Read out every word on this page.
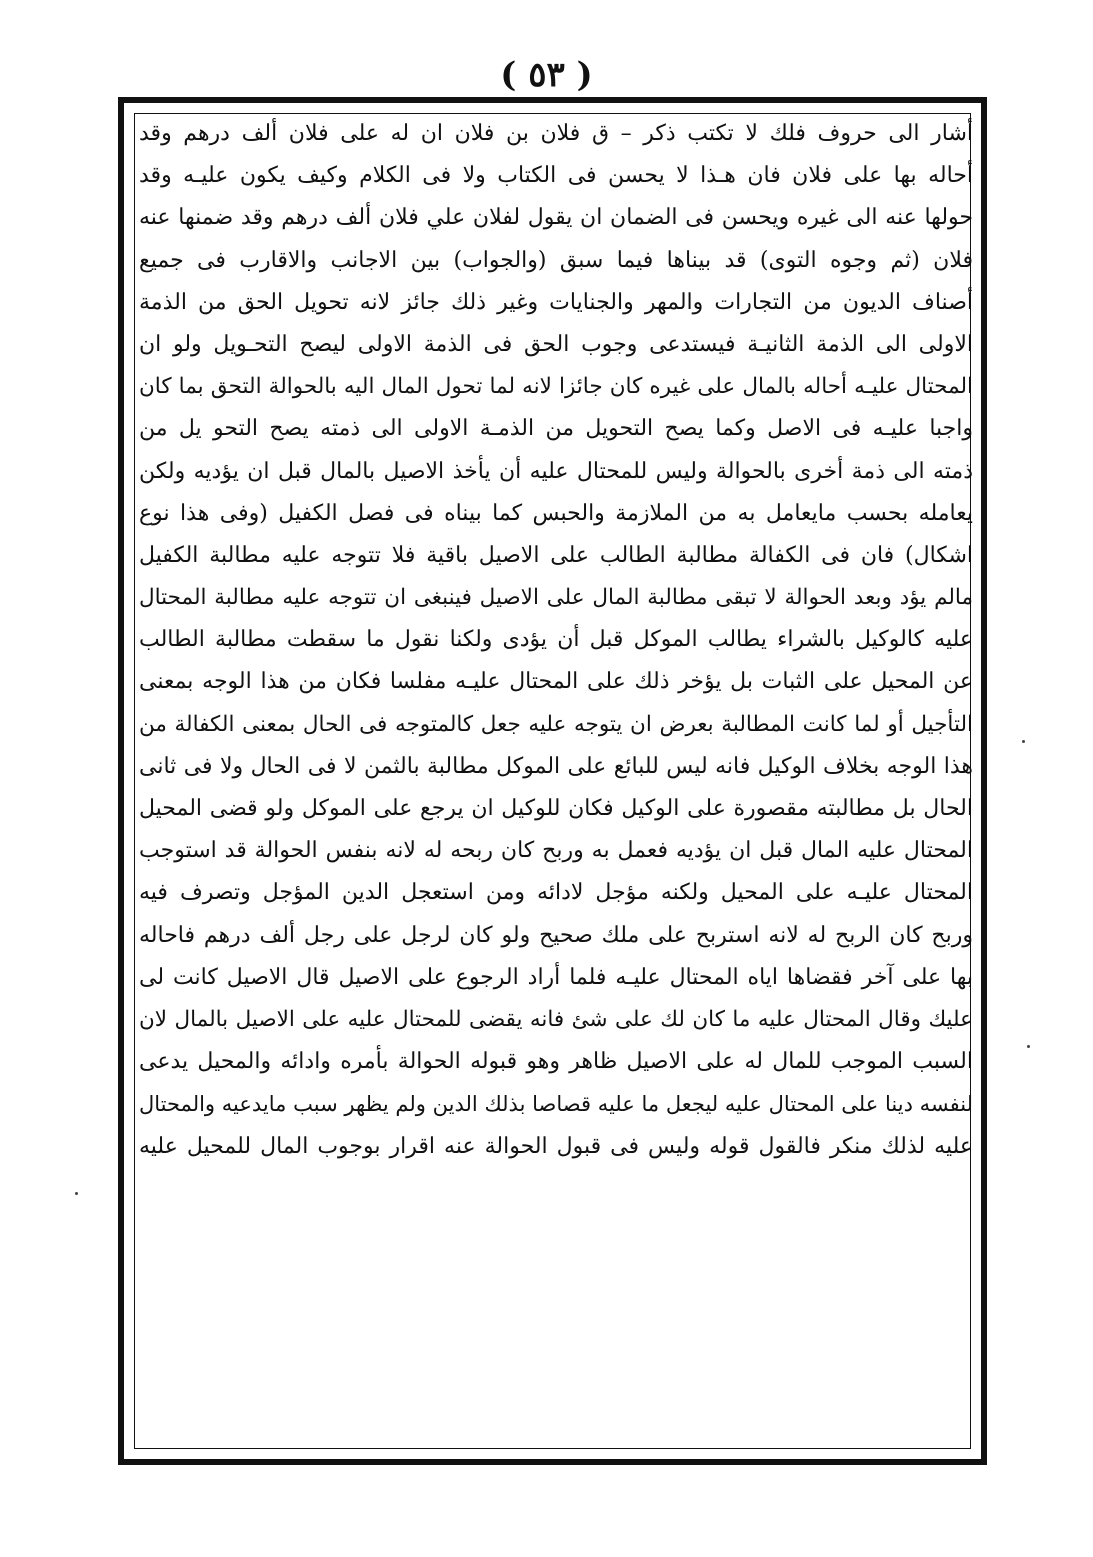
( ٥٣ )
أشار الى حروف فلك لا تكتب ذكر – ق فلان بن فلان ان له على فلان ألف درهم وقد
أحاله بها على فلان فان هـذا لا يحسن فى الكتاب ولا فى الكلام وكيف يكون عليـه وقد
حولها عنه الى غيره ويحسن فى الضمان ان يقول لفلان علي فلان ألف درهم وقد ضمنها عنه
فلان (ثم وجوه التوى) قد بيناها فيما سبق (والجواب) بين الاجانب والاقارب فى جميع
أصناف الديون من التجارات والمهر والجنايات وغير ذلك جائز لانه تحويل الحق من الذمة
الاولى الى الذمة الثانيـة فيستدعى وجوب الحق فى الذمة الاولى ليصح التحـويل ولو ان
المحتال عليـه أحاله بالمال على غيره كان جائزا لانه لما تحول المال اليه بالحوالة التحق بما كان
واجبا عليـه فى الاصل وكما يصح التحويل من الذمـة الاولى الى ذمته يصح التحو يل من
ذمته الى ذمة أخرى بالحوالة وليس للمحتال عليه أن يأخذ الاصيل بالمال قبل ان يؤديه ولكن
يعامله بحسب مايعامل به من الملازمة والحبس كما بيناه فى فصل الكفيل (وفى هذا نوع
اشكال) فان فى الكفالة مطالبة الطالب على الاصيل باقية فلا تتوجه عليه مطالبة الكفيل
مالم يؤد وبعد الحوالة لا تبقى مطالبة المال على الاصيل فينبغى ان تتوجه عليه مطالبة المحتال
عليه كالوكيل بالشراء يطالب الموكل قبل أن يؤدى ولكنا نقول ما سقطت مطالبة الطالب
عن المحيل على الثبات بل يؤخر ذلك على المحتال عليـه مفلسا فكان من هذا الوجه بمعنى
التأجيل أو لما كانت المطالبة بعرض ان يتوجه عليه جعل كالمتوجه فى الحال بمعنى الكفالة من
هذا الوجه بخلاف الوكيل فانه ليس للبائع على الموكل مطالبة بالثمن لا فى الحال ولا فى ثانى
الحال بل مطالبته مقصورة على الوكيل فكان للوكيل ان يرجع على الموكل ولو قضى المحيل
المحتال عليه المال قبل ان يؤديه فعمل به وربح كان ربحه له لانه بنفس الحوالة قد استوجب
المحتال عليـه على المحيل ولكنه مؤجل لادائه ومن استعجل الدين المؤجل وتصرف فيه
وربح كان الربح له لانه استربح على ملك صحيح ولو كان لرجل على رجل ألف درهم فاحاله
بها على آخر فقضاها اياه المحتال عليـه فلما أراد الرجوع على الاصيل قال الاصيل كانت لى
عليك وقال المحتال عليه ما كان لك على شئ فانه يقضى للمحتال عليه على الاصيل بالمال لان
السبب الموجب للمال له على الاصيل ظاهر وهو قبوله الحوالة بأمره وادائه والمحيل يدعى
لنفسه دينا على المحتال عليه ليجعل ما عليه قصاصا بذلك الدين ولم يظهر سبب مايدعيه والمحتال
عليه لذلك منكر فالقول قوله وليس فى قبول الحوالة عنه اقرار بوجوب المال للمحيل عليه
